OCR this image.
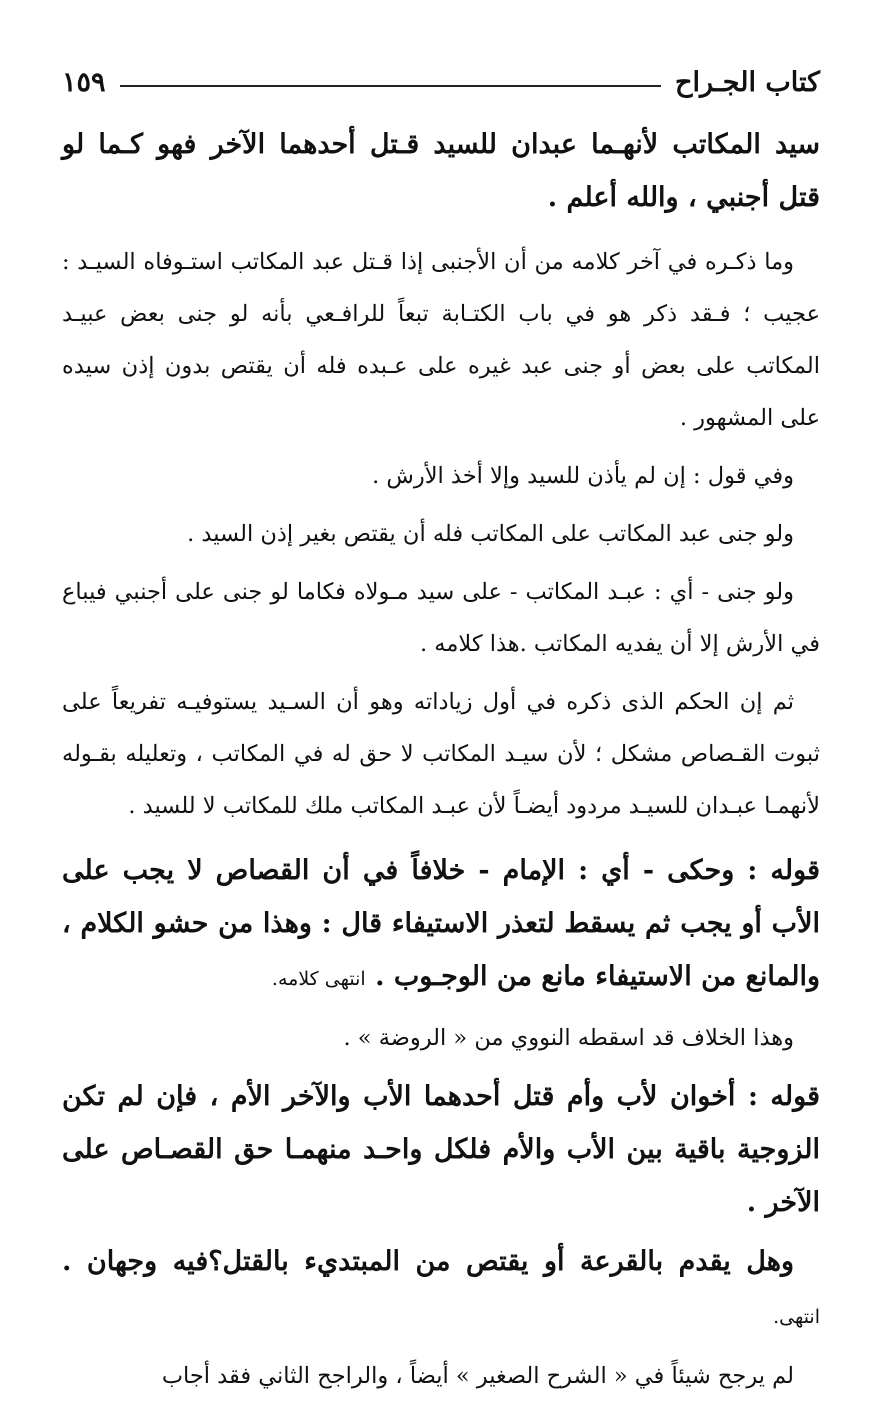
كتاب الجـراح
١٥٩

سيد المكاتب لأنهـما عبدان للسيد قـتل أحدهما الآخر فهو كـما لو قتل أجنبي ، والله أعلم .

وما ذكـره في آخر كلامه من أن الأجنبى إذا قـتل عبد المكاتب استـوفاه السيـد : عجيب ؛ فـقد ذكر هو في باب الكتـابة تبعاً للرافـعي بأنه لو جنى بعض عبيـد المكاتب على بعض أو جنى عبد غيره على عـبده فله أن يقتص بدون إذن سيده على المشهور .

وفي قول : إن لم يأذن للسيد وإلا أخذ الأرش .

ولو جنى عبد المكاتب على المكاتب فله أن يقتص بغير إذن السيد .

ولو جنى - أي : عبـد المكاتب - على سيد مـولاه فكاما لو جنى على أجنبي فيباع في الأرش إلا أن يفديه المكاتب .هذا كلامه .

ثم إن الحكم الذى ذكره في أول زياداته وهو أن السـيد يستوفيـه تفريعاً على ثبوت القـصاص مشكل ؛ لأن سيـد المكاتب لا حق له في المكاتب ، وتعليله بقـوله لأنهمـا عبـدان للسيـد مردود أيضـاً لأن عبـد المكاتب ملك للمكاتب لا للسيد .

قوله : وحكى - أي : الإمام - خلافاً في أن القصاص لا يجب على الأب أو يجب ثم يسقط لتعذر الاستيفاء قال : وهذا من حشو الكلام ، والمانع من الاستيفاء مانع من الوجـوب . انتهى كلامه.

وهذا الخلاف قد اسقطه النووي من « الروضة » .

قوله : أخوان لأب وأم قتل أحدهما الأب والآخر الأم ، فإن لم تكن الزوجية باقية بين الأب والأم فلكل واحـد منهمـا حق القصـاص على الآخر .

وهل يقدم بالقرعة أو يقتص من المبتديء بالقتل؟فيه وجهان . انتهى.

لم يرجح شيئاً في « الشرح الصغير » أيضاً ، والراجح الثاني فقد أجاب
